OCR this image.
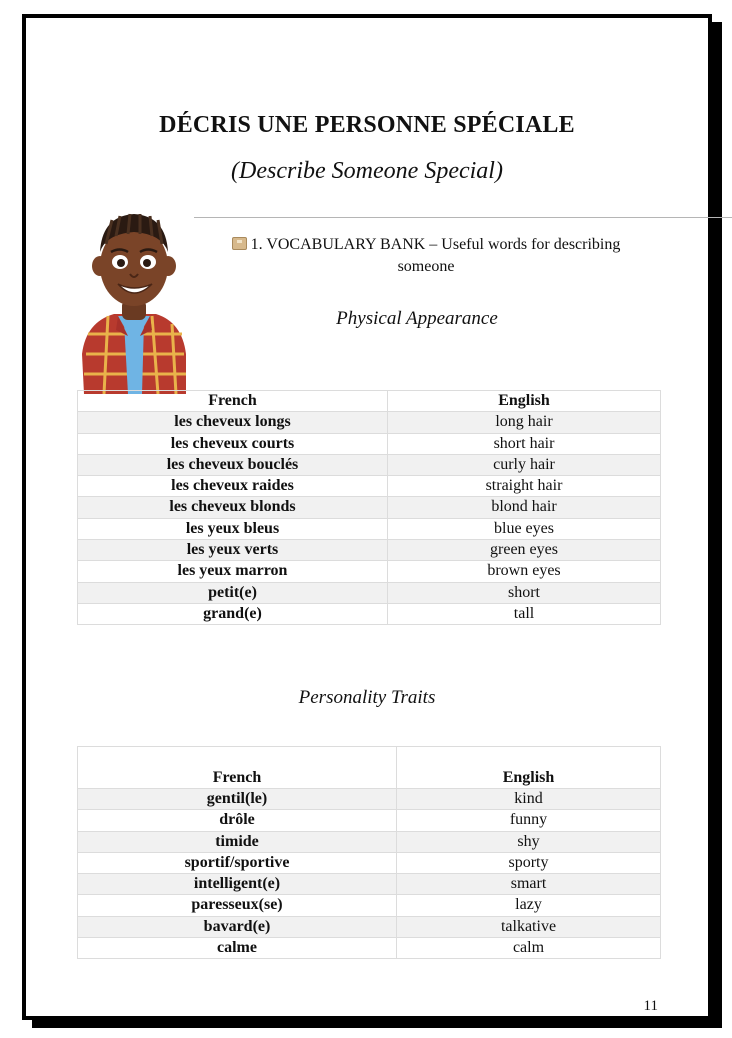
DÉCRIS UNE PERSONNE SPÉCIALE
(Describe Someone Special)
1. VOCABULARY BANK – Useful words for describing
someone
Physical Appearance
French	English
les cheveux longs	long hair
les cheveux courts	short hair
les cheveux bouclés	curly hair
les cheveux raides	straight hair
les cheveux blonds	blond hair
les yeux bleus	blue eyes
les yeux verts	green eyes
les yeux marron	brown eyes
petit(e)	short
grand(e)	tall
Personality Traits
French	English
gentil(le)	kind
drôle	funny
timide	shy
sportif/sportive	sporty
intelligent(e)	smart
paresseux(se)	lazy
bavard(e)	talkative
calme	calm
11
